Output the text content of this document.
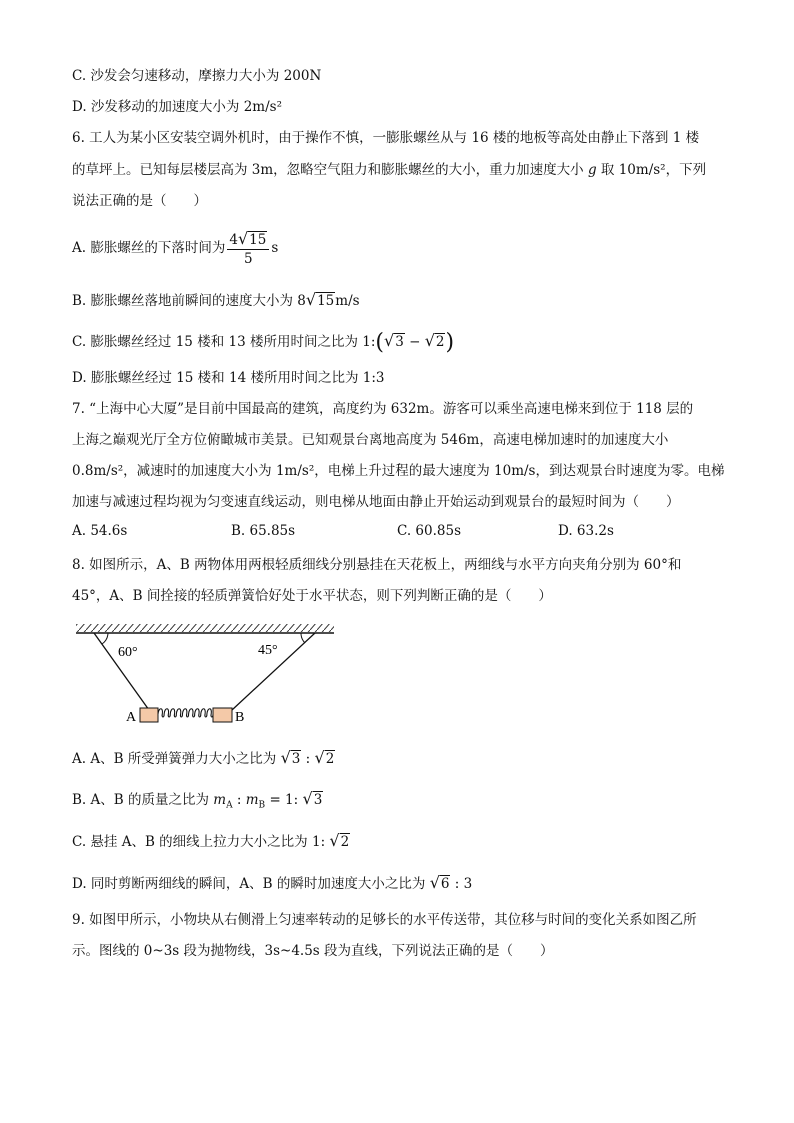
C. 沙发会匀速移动，摩擦力大小为 200N
D. 沙发移动的加速度大小为 2m/s²
6. 工人为某小区安装空调外机时，由于操作不慎，一膨胀螺丝从与 16 楼的地板等高处由静止下落到 1 楼
的草坪上。已知每层楼层高为 3m，忽略空气阻力和膨胀螺丝的大小，重力加速度大小 g 取 10m/s²，下列
说法正确的是（　　）
A. 膨胀螺丝的下落时间为 $\frac{4√15}{5}$ s
B. 膨胀螺丝落地前瞬间的速度大小为 8√15m/s
C. 膨胀螺丝经过 15 楼和 13 楼所用时间之比为 1:(√3 − √2)
D. 膨胀螺丝经过 15 楼和 14 楼所用时间之比为 1:3
7. “上海中心大厦”是目前中国最高的建筑，高度约为 632m。游客可以乘坐高速电梯来到位于 118 层的
上海之巅观光厅全方位俯瞰城市美景。已知观景台离地高度为 546m，高速电梯加速时的加速度大小
0.8m/s²，减速时的加速度大小为 1m/s²，电梯上升过程的最大速度为 10m/s，到达观景台时速度为零。电梯
加速与减速过程均视为匀变速直线运动，则电梯从地面由静止开始运动到观景台的最短时间为（　　）
A. 54.6s	B. 65.85s	C. 60.85s	D. 63.2s
8. 如图所示，A、B 两物体用两根轻质细线分别悬挂在天花板上，两细线与水平方向夹角分别为 60°和
45°，A、B 间拴接的轻质弹簧恰好处于水平状态，则下列判断正确的是（　　）
60°	45°
A	B
A. A、B 所受弹簧弹力大小之比为 √3 : √2
B. A、B 的质量之比为 $m_A$ : $m_B = 1$: √3
C. 悬挂 A、B 的细线上拉力大小之比为 1: √2
D. 同时剪断两细线的瞬间，A、B 的瞬时加速度大小之比为 √6 : 3
9. 如图甲所示，小物块从右侧滑上匀速率转动的足够长的水平传送带，其位移与时间的变化关系如图乙所
示。图线的 0~3s 段为抛物线，3s~4.5s 段为直线，下列说法正确的是（　　）
